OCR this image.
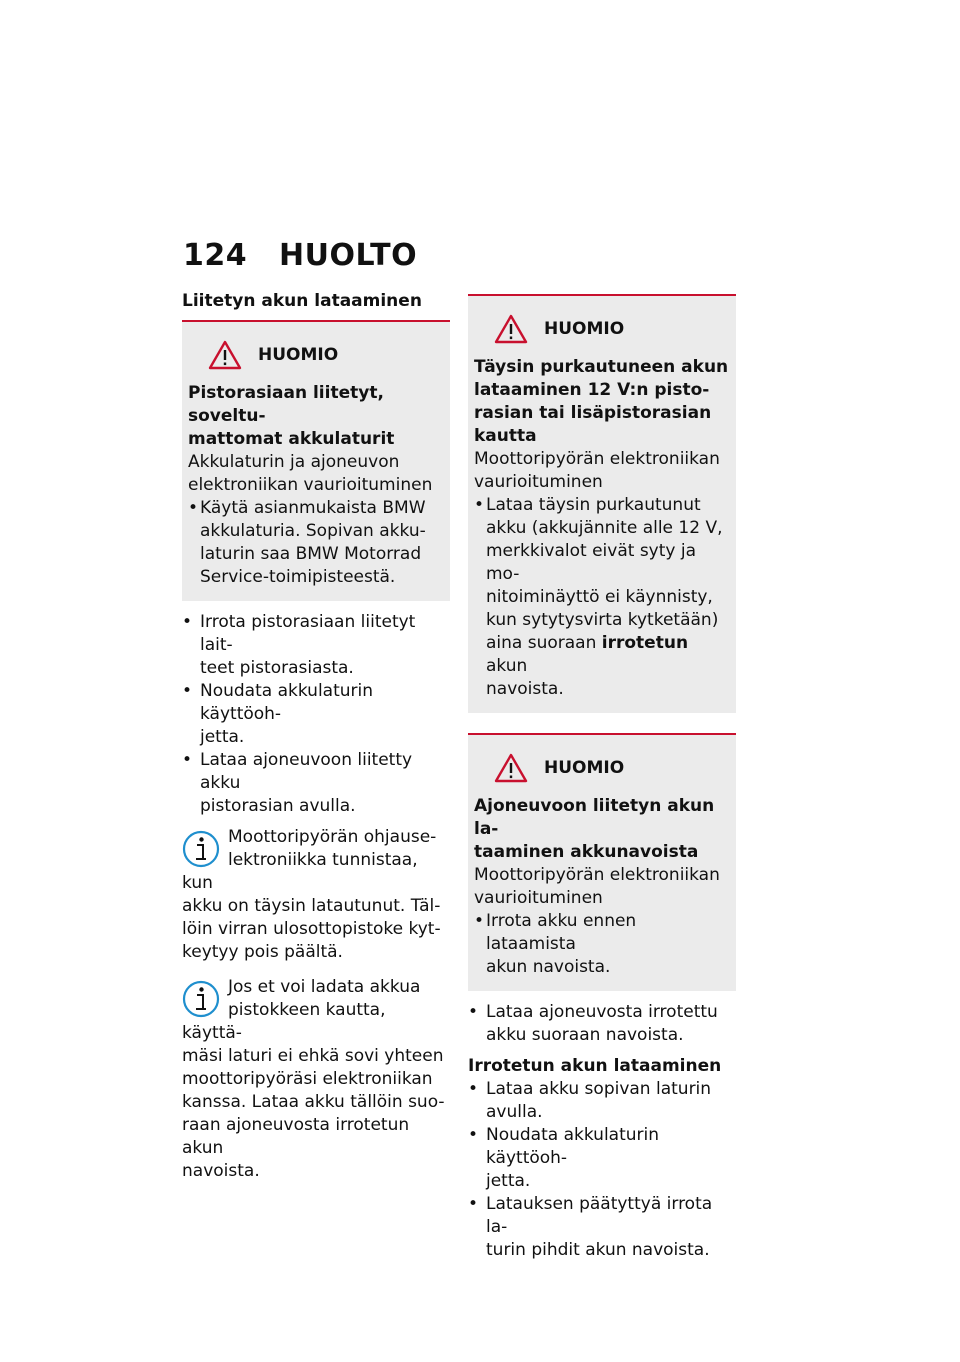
124 HUOLTO
Liitetyn akun lataaminen
HUOMIO
Pistorasiaan liitetyt, soveltu-
mattomat akkulaturit
Akkulaturin ja ajoneuvon
elektroniikan vaurioituminen
• Käytä asianmukaista BMW
akkulaturia. Sopivan akku-
laturin saa BMW Motorrad
Service-toimipisteestä.
• Irrota pistorasiaan liitetyt lait-
teet pistorasiasta.
• Noudata akkulaturin käyttöoh-
jetta.
• Lataa ajoneuvoon liitetty akku
pistorasian avulla.
Moottoripyörän ohjause-
lektroniikka tunnistaa, kun
akku on täysin latautunut. Täl-
löin virran ulosottopistoke kyt-
keytyy pois päältä.
Jos et voi ladata akkua
pistokkeen kautta, käyttä-
mäsi laturi ei ehkä sovi yhteen
moottoripyöräsi elektroniikan
kanssa. Lataa akku tällöin suo-
raan ajoneuvosta irrotetun akun
navoista.
HUOMIO
Täysin purkautuneen akun
lataaminen 12 V:n pisto-
rasian tai lisäpistorasian
kautta
Moottoripyörän elektroniikan
vaurioituminen
• Lataa täysin purkautunut
akku (akkujännite alle 12 V,
merkkivalot eivät syty ja mo-
nitoiminäyttö ei käynnisty,
kun sytytysvirta kytketään)
aina suoraan irrotetun akun
navoista.
HUOMIO
Ajoneuvoon liitetyn akun la-
taaminen akkunavoista
Moottoripyörän elektroniikan
vaurioituminen
• Irrota akku ennen lataamista
akun navoista.
• Lataa ajoneuvosta irrotettu
akku suoraan navoista.
Irrotetun akun lataaminen
• Lataa akku sopivan laturin
avulla.
• Noudata akkulaturin käyttöoh-
jetta.
• Latauksen päätyttyä irrota la-
turin pihdit akun navoista.
